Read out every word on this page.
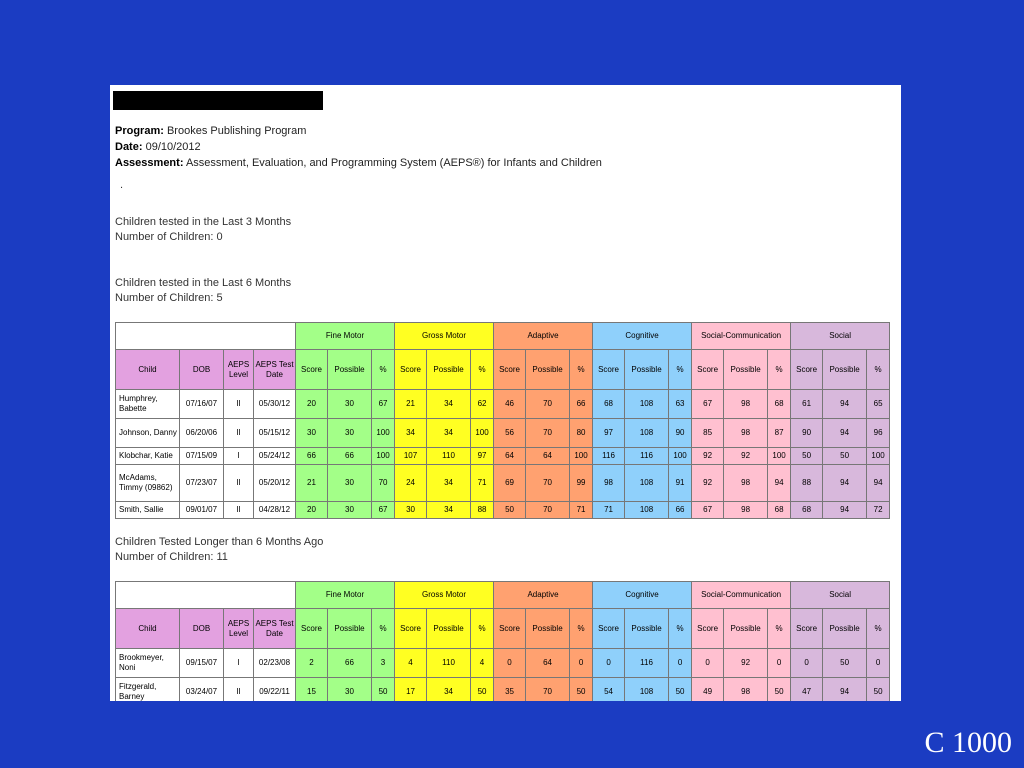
Program: Brookes Publishing Program
Date: 09/10/2012
Assessment: Assessment, Evaluation, and Programming System (AEPS®) for Infants and Children
.
Children tested in the Last 3 Months
Number of Children: 0
Children tested in the Last 6 Months
Number of Children: 5
				Fine Motor			Gross Motor			Adaptive			Cognitive			Social-Communication			Social		
Child	DOB	AEPS Level	AEPS Test Date	Score	Possible	%	Score	Possible	%	Score	Possible	%	Score	Possible	%	Score	Possible	%	Score	Possible	%
Humphrey, Babette	07/16/07	II	05/30/12	20	30	67	21	34	62	46	70	66	68	108	63	67	98	68	61	94	65
Johnson, Danny	06/20/06	II	05/15/12	30	30	100	34	34	100	56	70	80	97	108	90	85	98	87	90	94	96
Klobchar, Katie	07/15/09	I	05/24/12	66	66	100	107	110	97	64	64	100	116	116	100	92	92	100	50	50	100
McAdams, Timmy (09862)	07/23/07	II	05/20/12	21	30	70	24	34	71	69	70	99	98	108	91	92	98	94	88	94	94
Smith, Sallie	09/01/07	II	04/28/12	20	30	67	30	34	88	50	70	71	71	108	66	67	98	68	68	94	72
Children Tested Longer than 6 Months Ago
Number of Children: 11
				Fine Motor			Gross Motor			Adaptive			Cognitive			Social-Communication			Social		
Child	DOB	AEPS Level	AEPS Test Date	Score	Possible	%	Score	Possible	%	Score	Possible	%	Score	Possible	%	Score	Possible	%	Score	Possible	%
Brookmeyer, Noni	09/15/07	I	02/23/08	2	66	3	4	110	4	0	64	0	0	116	0	0	92	0	0	50	0
Fitzgerald, Barney	03/24/07	II	09/22/11	15	30	50	17	34	50	35	70	50	54	108	50	49	98	50	47	94	50
C 1000
